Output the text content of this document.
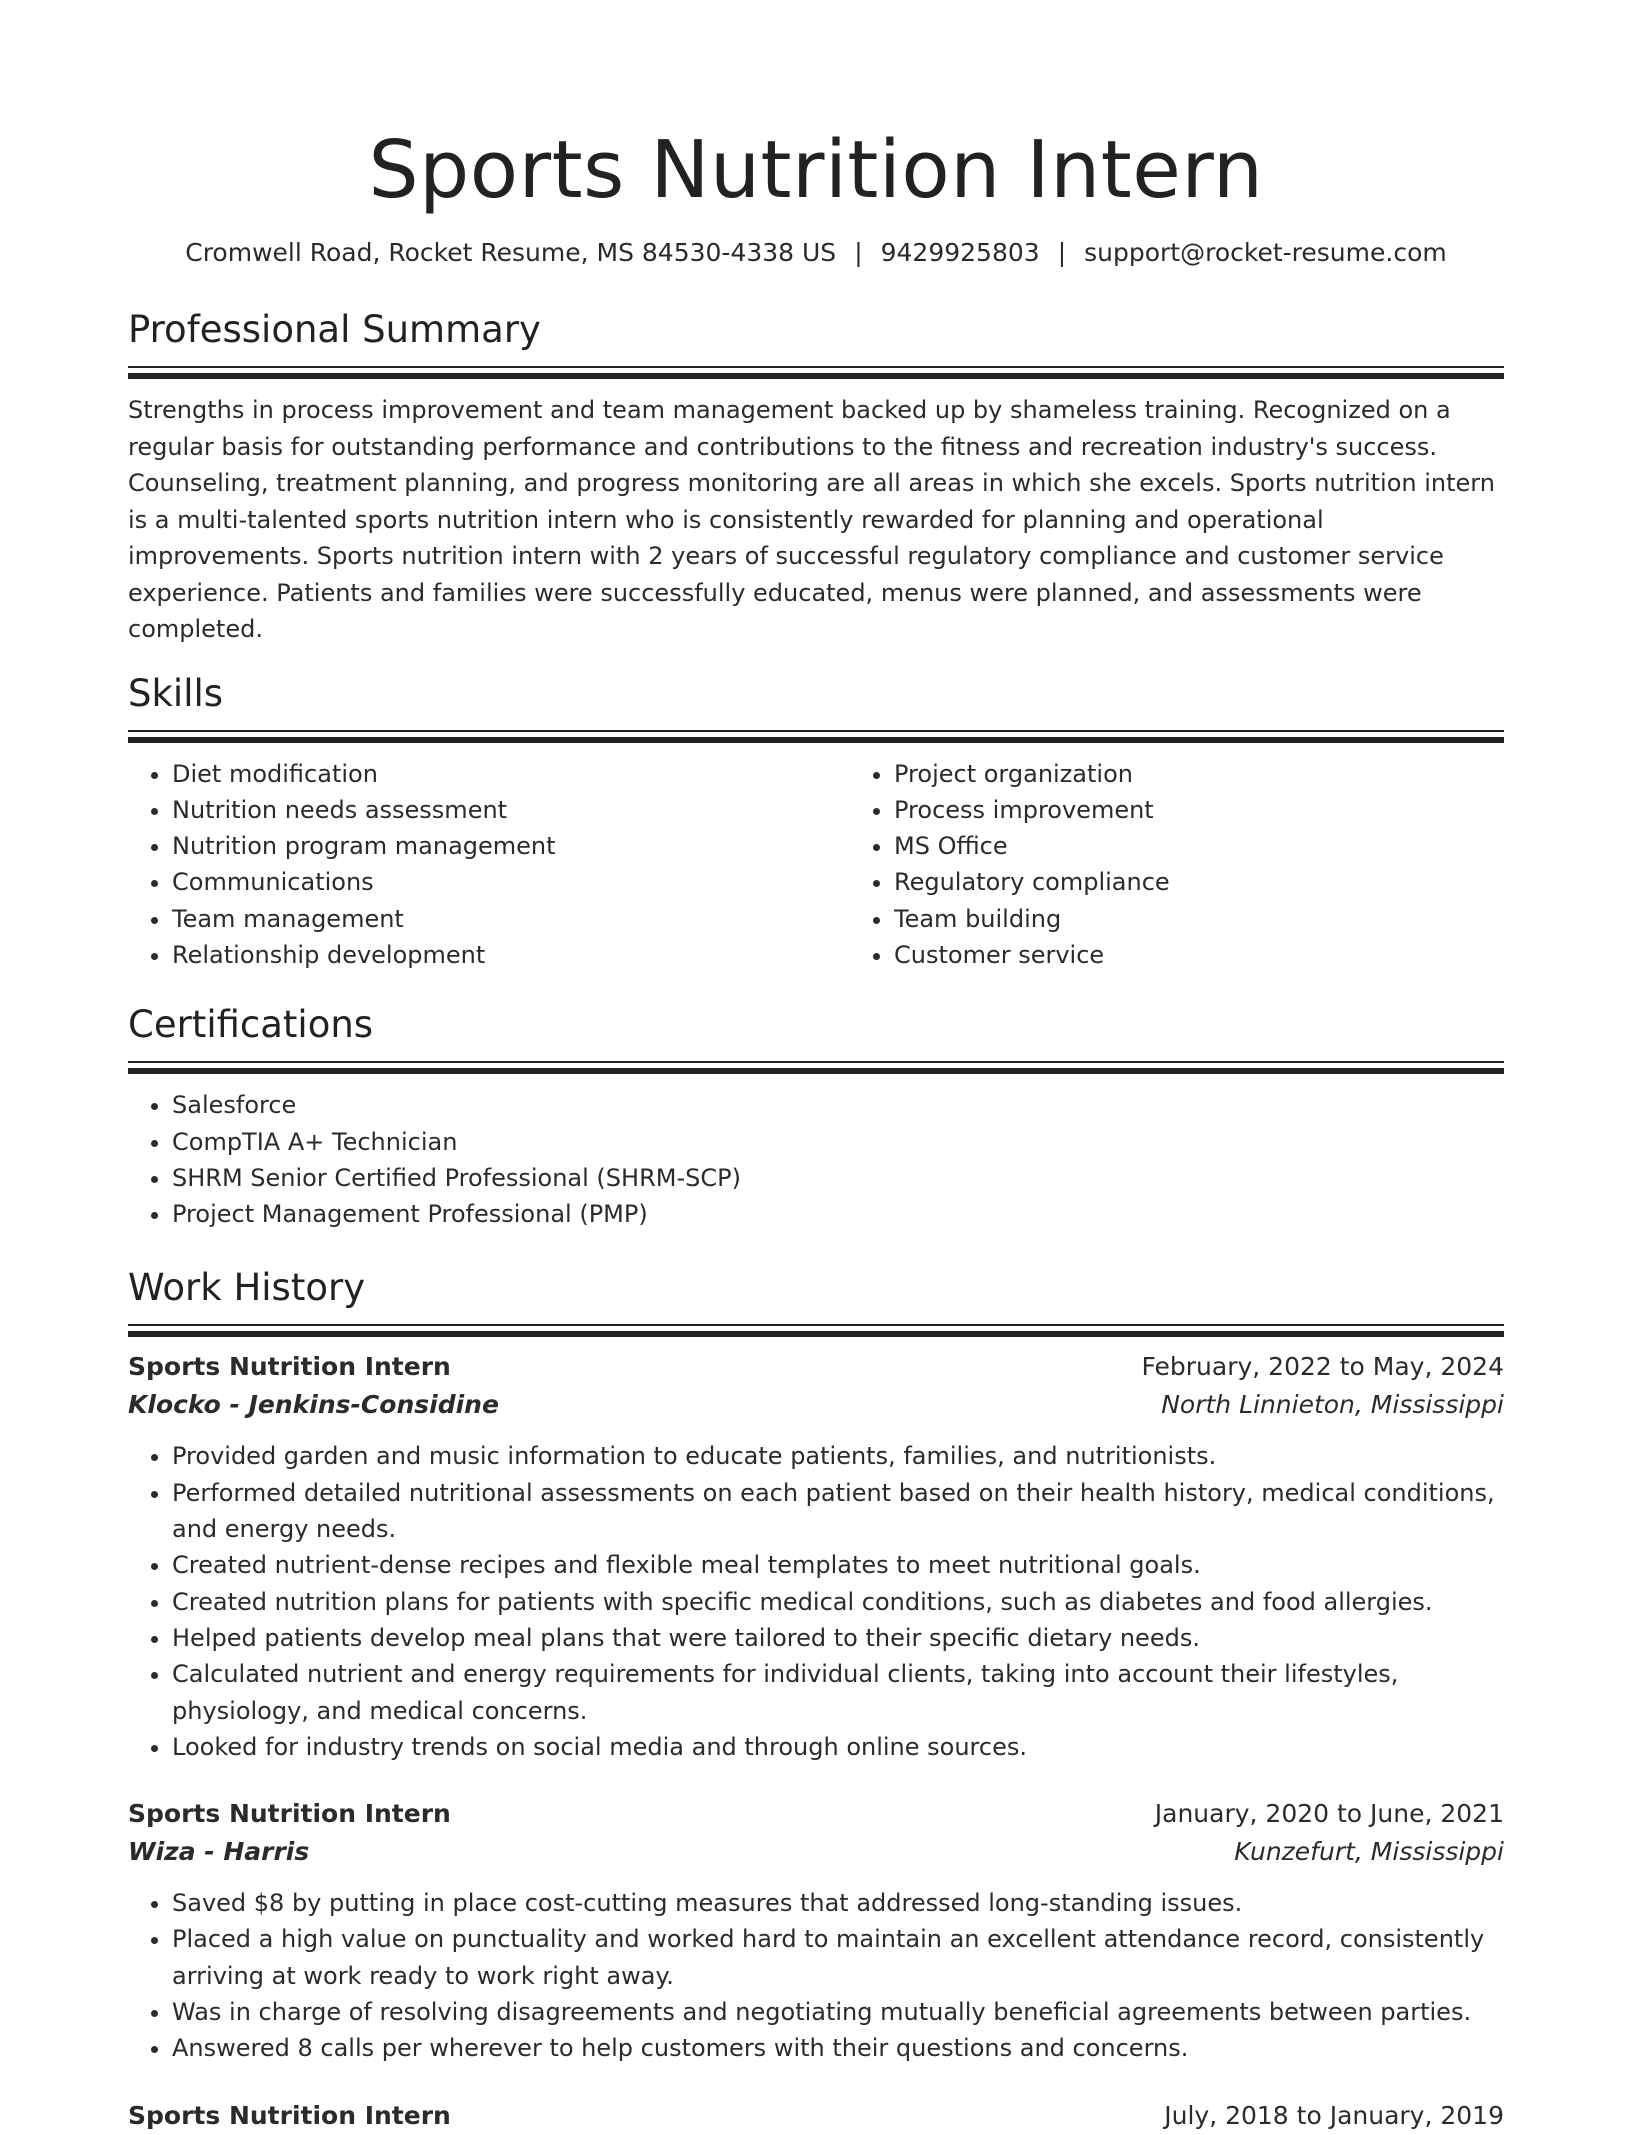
Sports Nutrition Intern
Cromwell Road, Rocket Resume, MS 84530-4338 US | 9429925803 | support@rocket-resume.com
Professional Summary

Strengths in process improvement and team management backed up by shameless training. Recognized on a regular basis for outstanding performance and contributions to the fitness and recreation industry's success. Counseling, treatment planning, and progress monitoring are all areas in which she excels. Sports nutrition intern is a multi-talented sports nutrition intern who is consistently rewarded for planning and operational improvements. Sports nutrition intern with 2 years of successful regulatory compliance and customer service experience. Patients and families were successfully educated, menus were planned, and assessments were completed.

Skills
• Diet modification
• Nutrition needs assessment
• Nutrition program management
• Communications
• Team management
• Relationship development
• Project organization
• Process improvement
• MS Office
• Regulatory compliance
• Team building
• Customer service
Certifications
• Salesforce
• CompTIA A+ Technician
• SHRM Senior Certified Professional (SHRM-SCP)
• Project Management Professional (PMP)
Work History
Sports Nutrition Intern	February, 2022 to May, 2024
Klocko - Jenkins-Considine	North Linnieton, Mississippi
• Provided garden and music information to educate patients, families, and nutritionists.
• Performed detailed nutritional assessments on each patient based on their health history, medical conditions, and energy needs.
• Created nutrient-dense recipes and flexible meal templates to meet nutritional goals.
• Created nutrition plans for patients with specific medical conditions, such as diabetes and food allergies.
• Helped patients develop meal plans that were tailored to their specific dietary needs.
• Calculated nutrient and energy requirements for individual clients, taking into account their lifestyles, physiology, and medical concerns.
• Looked for industry trends on social media and through online sources.
Sports Nutrition Intern	January, 2020 to June, 2021
Wiza - Harris	Kunzefurt, Mississippi
• Saved $8 by putting in place cost-cutting measures that addressed long-standing issues.
• Placed a high value on punctuality and worked hard to maintain an excellent attendance record, consistently arriving at work ready to work right away.
• Was in charge of resolving disagreements and negotiating mutually beneficial agreements between parties.
• Answered 8 calls per wherever to help customers with their questions and concerns.
Sports Nutrition Intern	July, 2018 to January, 2019
